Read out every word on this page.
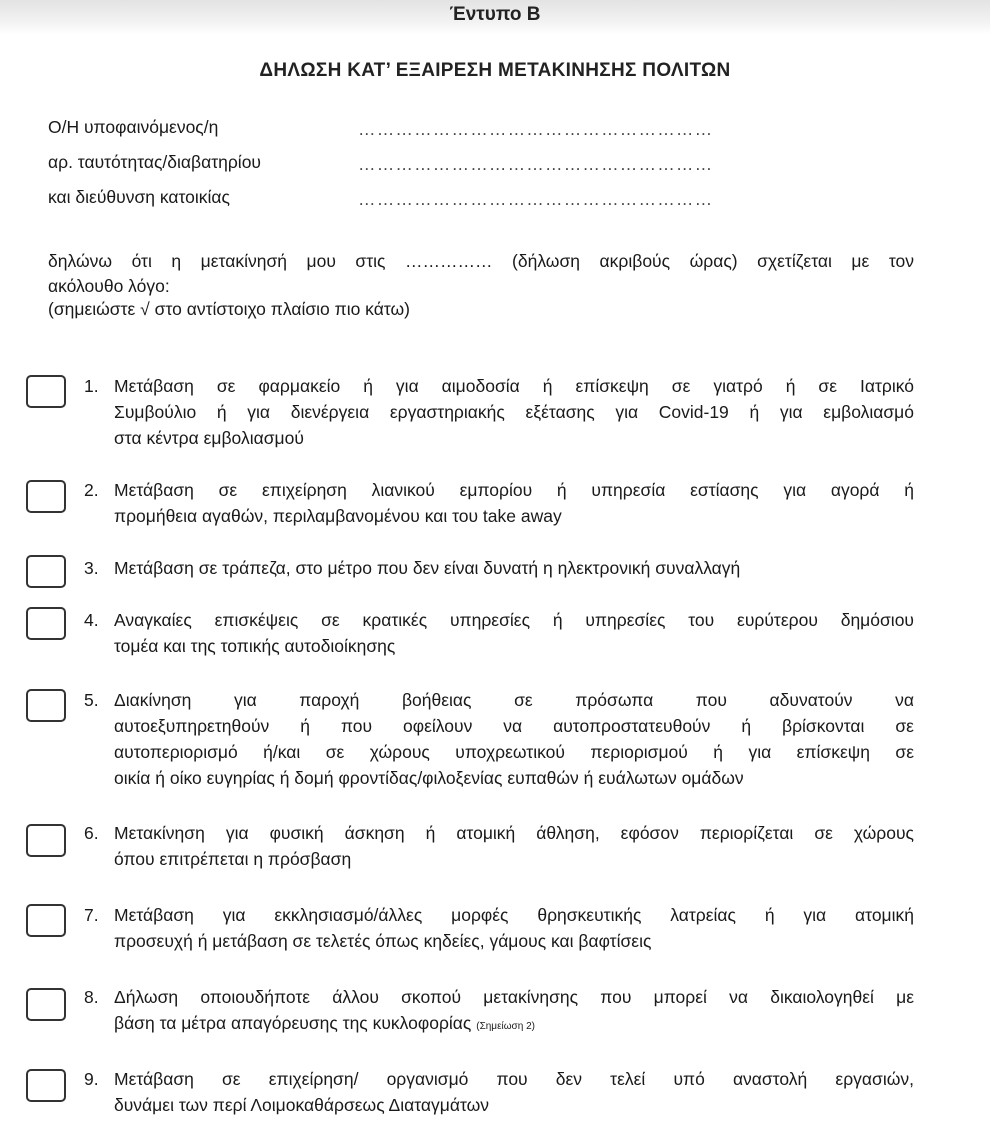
Έντυπο Β
ΔΗΛΩΣΗ ΚΑΤ’ ΕΞΑΙΡΕΣΗ ΜΕΤΑΚΙΝΗΣΗΣ ΠΟΛΙΤΩΝ
Ο/Η υποφαινόμενος/η	…………………………………………………
αρ. ταυτότητας/διαβατηρίου	…………………………………………………
και διεύθυνση κατοικίας	…………………………………………………
δηλώνω ότι η μετακίνησή μου στις …………… (δήλωση ακριβούς ώρας) σχετίζεται με τον
ακόλουθο λόγο:
(σημειώστε √ στο αντίστοιχο πλαίσιο πιο κάτω)
1. Μετάβαση σε φαρμακείο ή για αιμοδοσία ή επίσκεψη σε γιατρό ή σε Ιατρικό
Συμβούλιο ή για διενέργεια εργαστηριακής εξέτασης για Covid-19 ή για εμβολιασμό
στα κέντρα εμβολιασμού
2. Μετάβαση σε επιχείρηση λιανικού εμπορίου ή υπηρεσία εστίασης για αγορά ή
προμήθεια αγαθών, περιλαμβανομένου και του take away
3. Μετάβαση σε τράπεζα, στο μέτρο που δεν είναι δυνατή η ηλεκτρονική συναλλαγή
4. Αναγκαίες επισκέψεις σε κρατικές υπηρεσίες ή υπηρεσίες του ευρύτερου δημόσιου
τομέα και της τοπικής αυτοδιοίκησης
5. Διακίνηση για παροχή βοήθειας σε πρόσωπα που αδυνατούν να
αυτοεξυπηρετηθούν ή που οφείλουν να αυτοπροστατευθούν ή βρίσκονται σε
αυτοπεριορισμό ή/και σε χώρους υποχρεωτικού περιορισμού ή για επίσκεψη σε
οικία ή οίκο ευγηρίας ή δομή φροντίδας/φιλοξενίας ευπαθών ή ευάλωτων ομάδων
6. Μετακίνηση για φυσική άσκηση ή ατομική άθληση, εφόσον περιορίζεται σε χώρους
όπου επιτρέπεται η πρόσβαση
7. Μετάβαση για εκκλησιασμό/άλλες μορφές θρησκευτικής λατρείας ή για ατομική
προσευχή ή μετάβαση σε τελετές όπως κηδείες, γάμους και βαφτίσεις
8. Δήλωση οποιουδήποτε άλλου σκοπού μετακίνησης που μπορεί να δικαιολογηθεί με
βάση τα μέτρα απαγόρευσης της κυκλοφορίας (Σημείωση 2)
9. Μετάβαση σε επιχείρηση/ οργανισμό που δεν τελεί υπό αναστολή εργασιών,
δυνάμει των περί Λοιμοκαθάρσεως Διαταγμάτων
